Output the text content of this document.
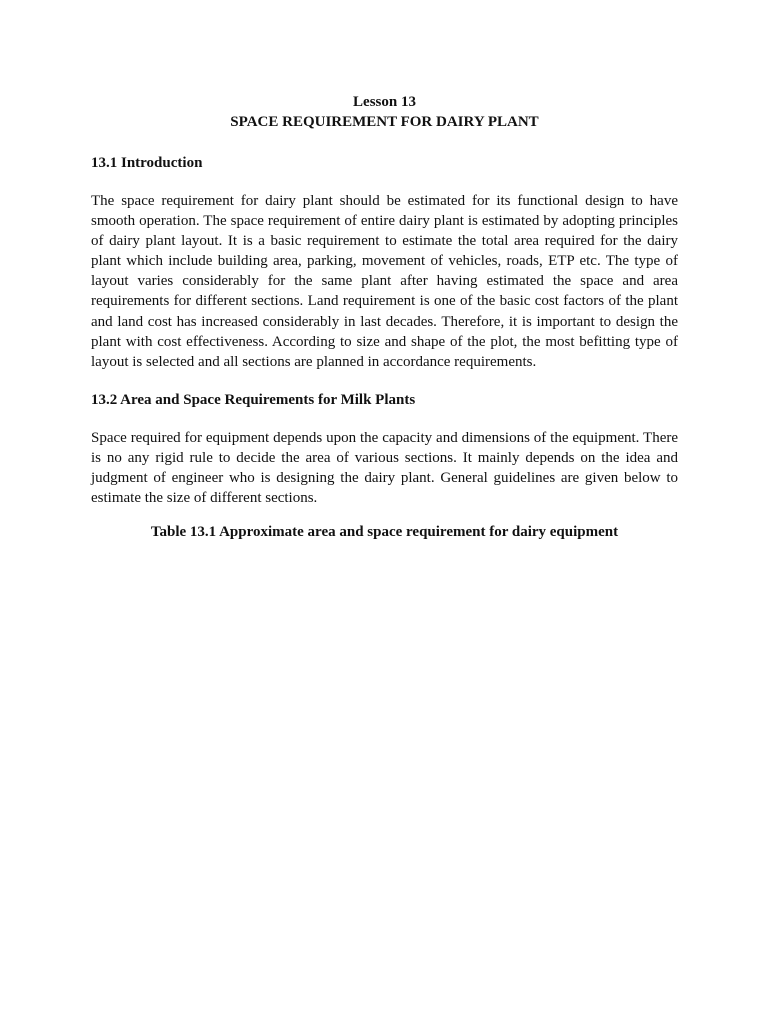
Lesson 13

SPACE REQUIREMENT FOR DAIRY PLANT

13.1 Introduction

The space requirement for dairy plant should be estimated for its functional design to have smooth operation. The space requirement of entire dairy plant is estimated by adopting principles of dairy plant layout. It is a basic requirement to estimate the total area required for the dairy plant which include building area, parking, movement of vehicles, roads, ETP etc. The type of layout varies considerably for the same plant after having estimated the space and area requirements for different sections. Land requirement is one of the basic cost factors of the plant and land cost has increased considerably in last decades. Therefore, it is important to design the plant with cost effectiveness. According to size and shape of the plot, the most befitting type of layout is selected and all sections are planned in accordance requirements.

13.2 Area and Space Requirements for Milk Plants

Space required for equipment depends upon the capacity and dimensions of the equipment. There is no any rigid rule to decide the area of various sections. It mainly depends on the idea and judgment of engineer who is designing the dairy plant. General guidelines are given below to estimate the size of different sections.

Table 13.1 Approximate area and space requirement for dairy equipment
